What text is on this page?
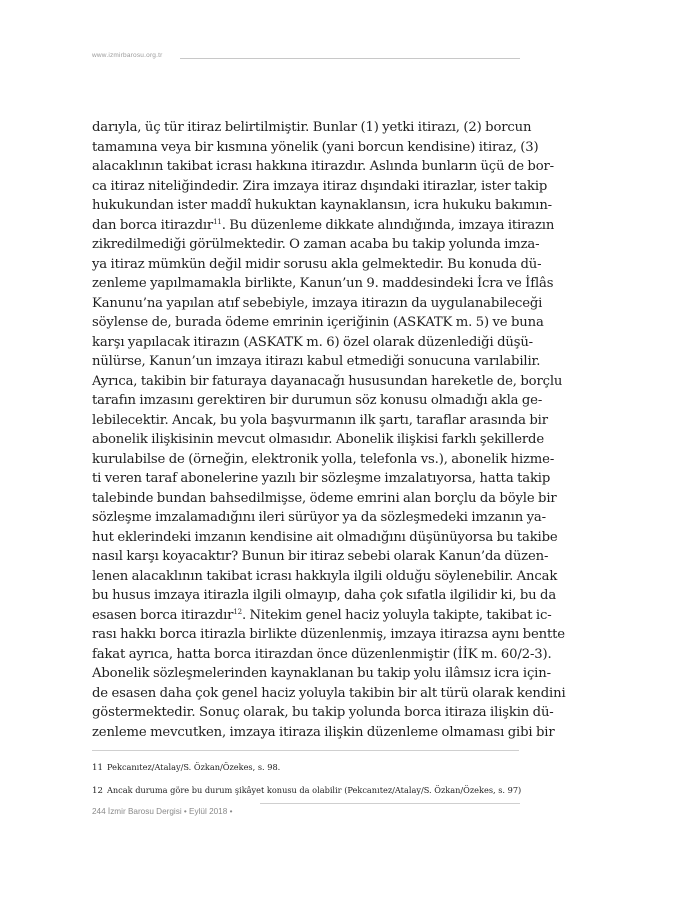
www.izmirbarosu.org.tr
darıyla, üç tür itiraz belirtilmiştir. Bunlar (1) yetki itirazı, (2) borcun
tamamına veya bir kısmına yönelik (yani borcun kendisine) itiraz, (3)
alacaklının takibat icrası hakkına itirazdır. Aslında bunların üçü de bor-
ca itiraz niteliğindedir. Zira imzaya itiraz dışındaki itirazlar, ister takip
hukukundan ister maddî hukuktan kaynaklansın, icra hukuku bakımın-
dan borca itirazdır$^{11}$. Bu düzenleme dikkate alındığında, imzaya itirazın
zikredilmediği görülmektedir. O zaman acaba bu takip yolunda imza-
ya itiraz mümkün değil midir sorusu akla gelmektedir. Bu konuda dü-
zenleme yapılmamakla birlikte, Kanun’un 9. maddesindeki İcra ve İflâs
Kanunu’na yapılan atıf sebebiyle, imzaya itirazın da uygulanabileceği
söylense de, burada ödeme emrinin içeriğinin (ASKATK m. 5) ve buna
karşı yapılacak itirazın (ASKATK m. 6) özel olarak düzenlediği düşü-
nülürse, Kanun’un imzaya itirazı kabul etmediği sonucuna varılabilir.
Ayrıca, takibin bir faturaya dayanacağı hususundan hareketle de, borçlu
tarafın imzasını gerektiren bir durumun söz konusu olmadığı akla ge-
lebilecektir. Ancak, bu yola başvurmanın ilk şartı, taraflar arasında bir
abonelik ilişkisinin mevcut olmasıdır. Abonelik ilişkisi farklı şekillerde
kurulabilse de (örneğin, elektronik yolla, telefonla vs.), abonelik hizme-
ti veren taraf abonelerine yazılı bir sözleşme imzalatıyorsa, hatta takip
talebinde bundan bahsedilmişse, ödeme emrini alan borçlu da böyle bir
sözleşme imzalamadığını ileri sürüyor ya da sözleşmedeki imzanın ya-
hut eklerindeki imzanın kendisine ait olmadığını düşünüyorsa bu takibe
nasıl karşı koyacaktır? Bunun bir itiraz sebebi olarak Kanun’da düzen-
lenen alacaklının takibat icrası hakkıyla ilgili olduğu söylenebilir. Ancak
bu husus imzaya itirazla ilgili olmayıp, daha çok sıfatla ilgilidir ki, bu da
esasen borca itirazdır$^{12}$. Nitekim genel haciz yoluyla takipte, takibat ic-
rası hakkı borca itirazla birlikte düzenlenmiş, imzaya itirazsa aynı bentte
fakat ayrıca, hatta borca itirazdan önce düzenlenmiştir (İİK m. 60/2-3).
Abonelik sözleşmelerinden kaynaklanan bu takip yolu ilâmsız icra için-
de esasen daha çok genel haciz yoluyla takibin bir alt türü olarak kendini
göstermektedir. Sonuç olarak, bu takip yolunda borca itiraza ilişkin dü-
zenleme mevcutken, imzaya itiraza ilişkin düzenleme olmaması gibi bir
11 Pekcanıtez/Atalay/S. Özkan/Özekes, s. 98.
12 Ancak duruma göre bu durum şikâyet konusu da olabilir (Pekcanıtez/Atalay/S. Özkan/Özekes, s. 97)
244 İzmir Barosu Dergisi • Eylül 2018 •
